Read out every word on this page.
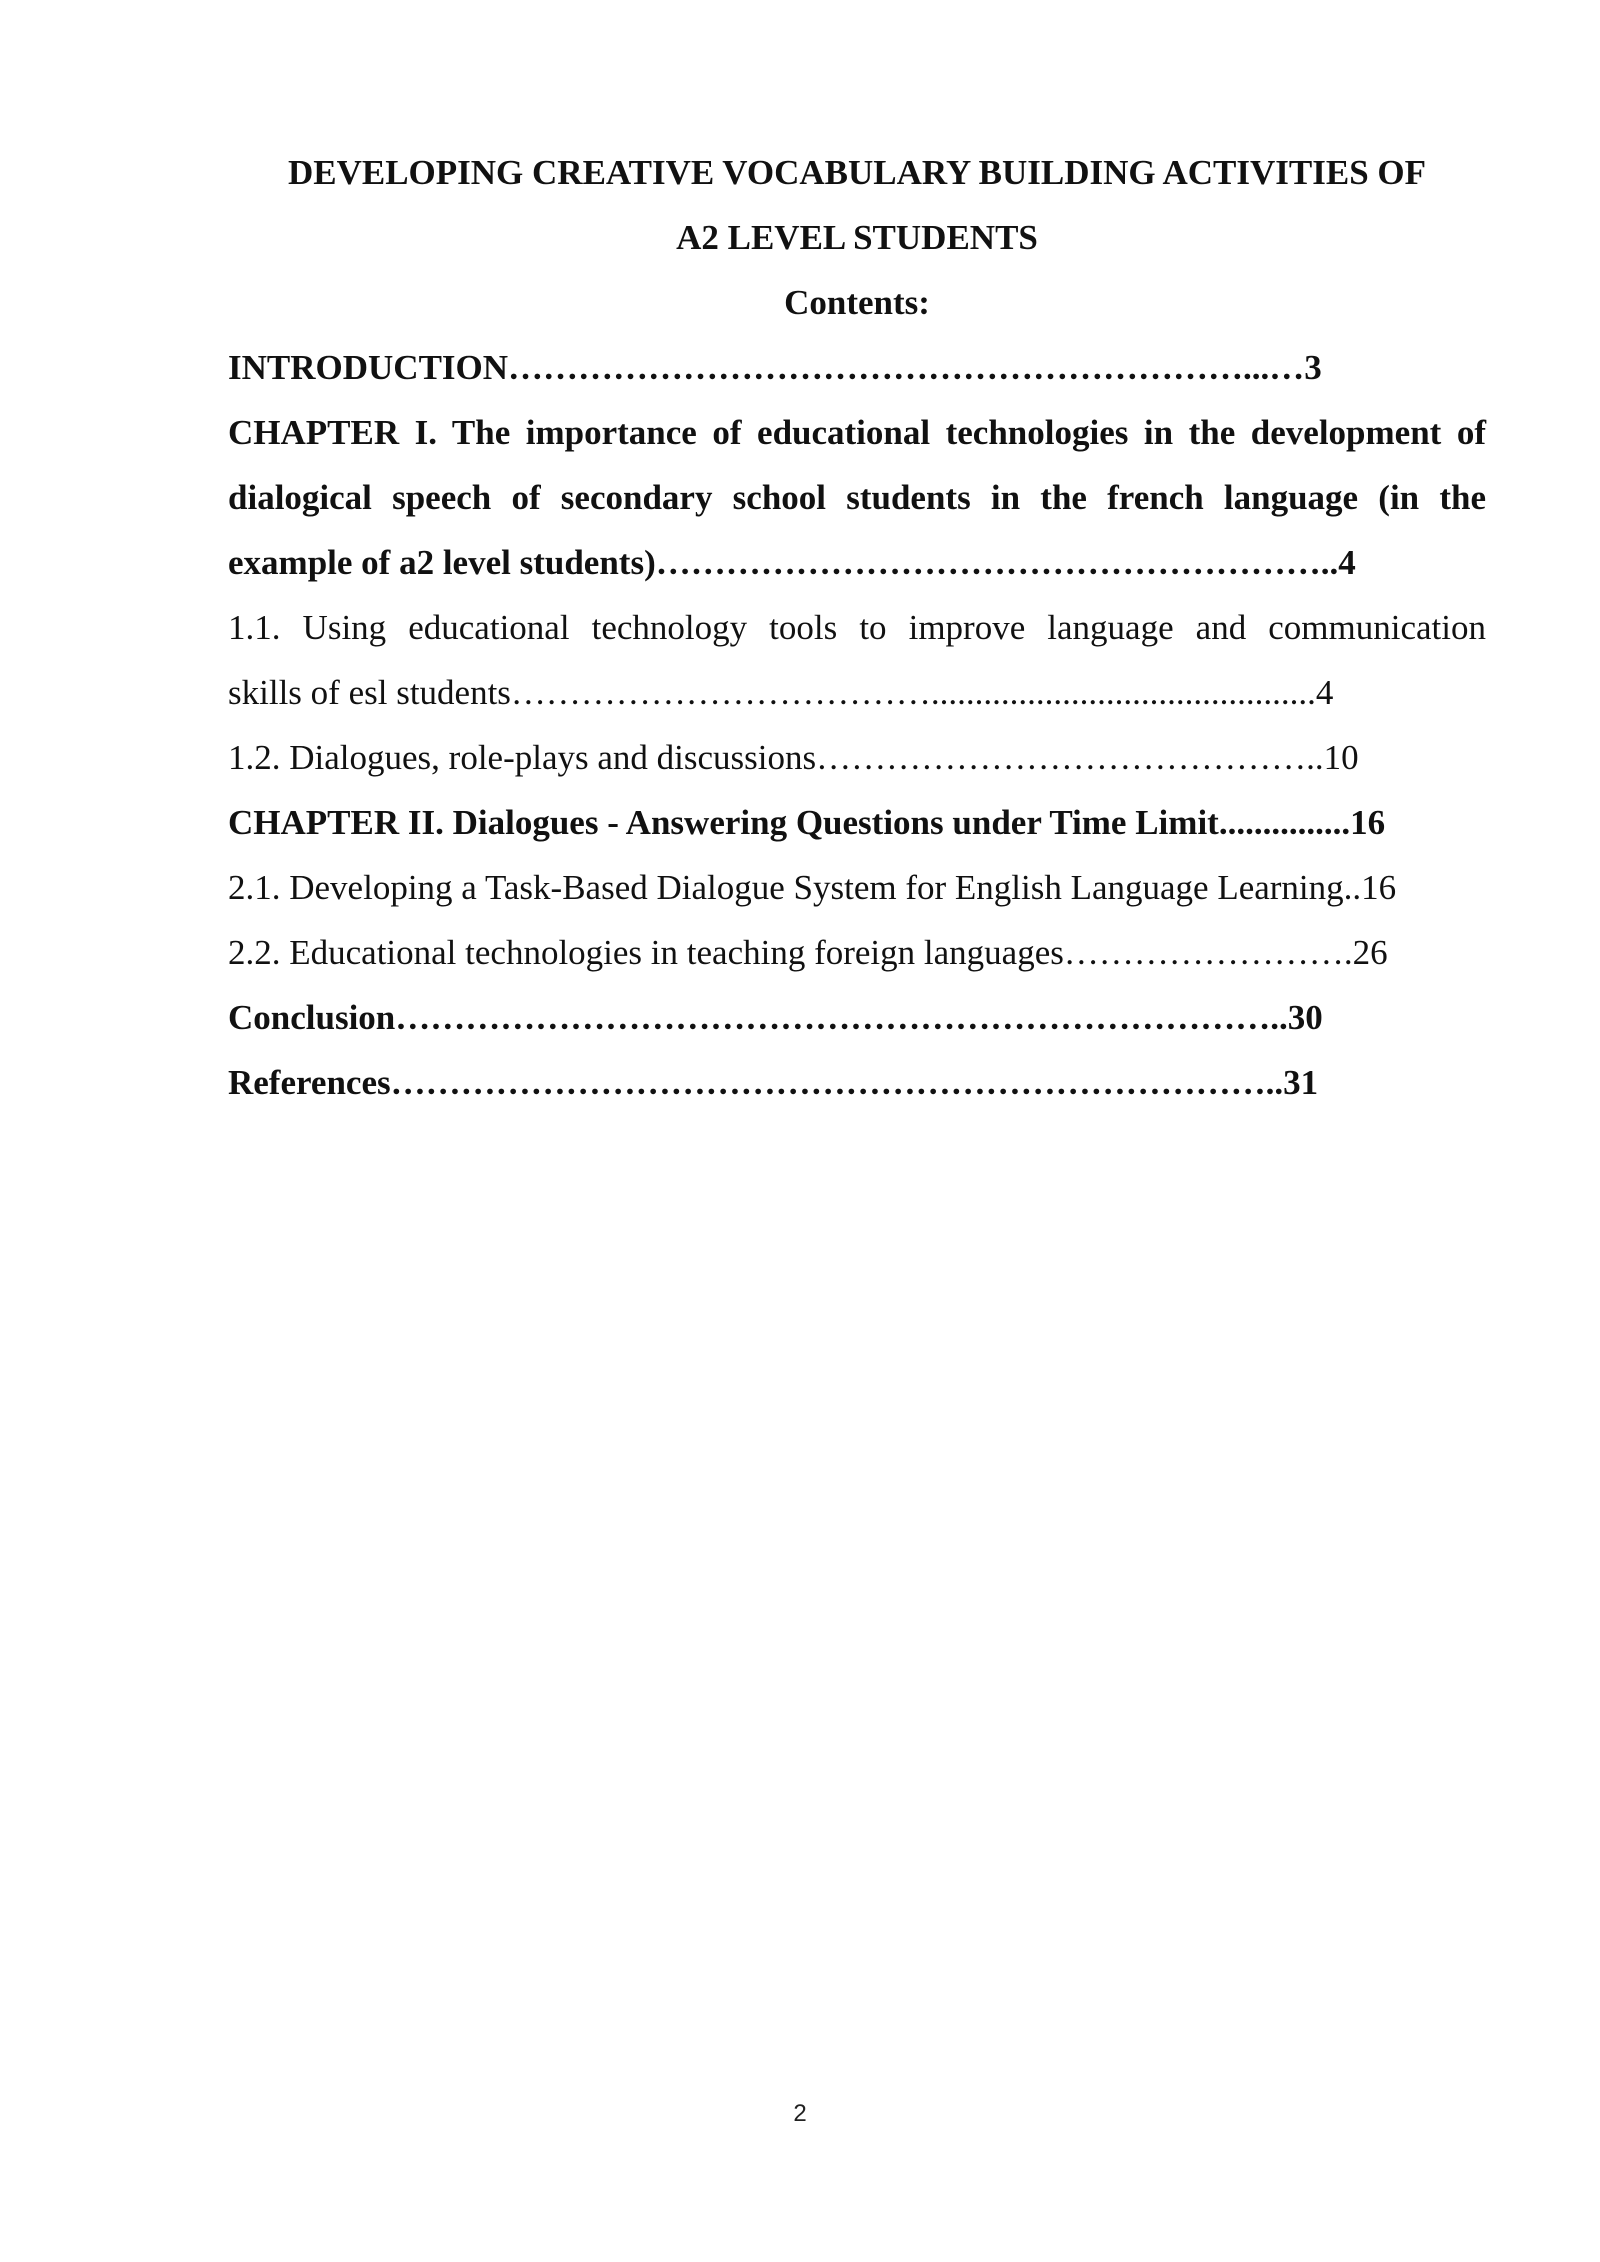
DEVELOPING CREATIVE VOCABULARY BUILDING ACTIVITIES OF

A2 LEVEL STUDENTS

Contents:

INTRODUCTION………………………………………………………...…3

CHAPTER I. The importance of educational technologies in the development of

dialogical speech of secondary school students in the french language (in the

example of a2 level students)…………………………………………………..4

1.1. Using educational technology tools to improve language and communication

skills of esl students………………………………............................................4

1.2. Dialogues, role-plays and discussions……………………………………..10

CHAPTER II. Dialogues - Answering Questions under Time Limit...............16

2.1. Developing a Task-Based Dialogue System for English Language Learning..16

2.2. Educational technologies in teaching foreign languages…………………….26

Conclusion…………………………………………………………………..30

References…………………………………………………………………..31

2
